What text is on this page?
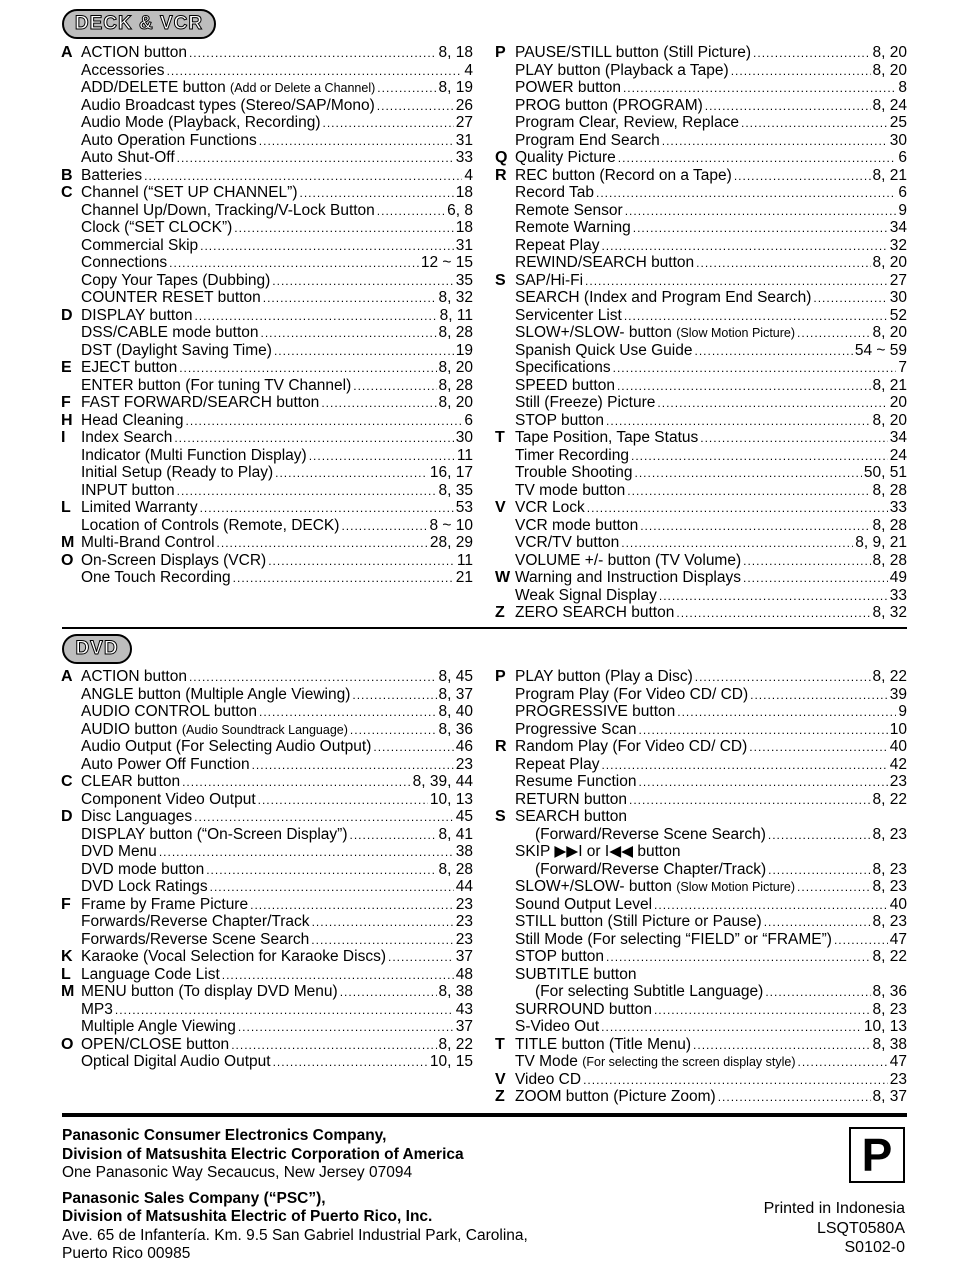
DECK & VCR
A ACTION button .....	8, 18
Accessories .....	4
ADD/DELETE button (Add or Delete a Channel) .....	8, 19
Audio Broadcast types (Stereo/SAP/Mono) .....	26
Audio Mode (Playback, Recording) .....	27
Auto Operation Functions .....	31
Auto Shut-Off .....	33
B Batteries .....	4
C Channel (“SET UP CHANNEL”) .....	18
Channel Up/Down, Tracking/V-Lock Button .....	6, 8
Clock (“SET CLOCK”) .....	18
Commercial Skip .....	31
Connections .....	12 ~ 15
Copy Your Tapes (Dubbing) .....	35
COUNTER RESET button .....	8, 32
D DISPLAY button .....	8, 11
DSS/CABLE mode button .....	8, 28
DST (Daylight Saving Time) .....	19
E EJECT button .....	8, 20
ENTER button (For tuning TV Channel) .....	8, 28
F FAST FORWARD/SEARCH button .....	8, 20
H Head Cleaning .....	6
I	Index Search .....	30
Indicator (Multi Function Display) .....	11
Initial Setup (Ready to Play) .....	16, 17
INPUT button .....	8, 35
L Limited Warranty .....	53
Location of Controls (Remote, DECK) .....	8 ~ 10
M Multi-Brand Control .....	28, 29
O On-Screen Displays (VCR) .....	11
One Touch Recording .....	21
P PAUSE/STILL button (Still Picture) .....	8, 20
PLAY button (Playback a Tape) .....	8, 20
POWER button .....	8
PROG button (PROGRAM) .....	8, 24
Program Clear, Review, Replace .....	25
Program End Search .....	30
Q Quality Picture .....	6
R REC button (Record on a Tape) .....	8, 21
Record Tab .....	6
Remote Sensor .....	9
Remote Warning .....	34
Repeat Play .....	32
REWIND/SEARCH button .....	8, 20
S SAP/Hi-Fi .....	27
SEARCH (Index and Program End Search) .....	30
Servicenter List .....	52
SLOW+/SLOW- button (Slow Motion Picture) .....	8, 20
Spanish Quick Use Guide .....	54 ~ 59
Specifications .....	7
SPEED button .....	8, 21
Still (Freeze) Picture .....	20
STOP button .....	8, 20
T Tape Position, Tape Status .....	34
Timer Recording .....	24
Trouble Shooting .....	50, 51
TV mode button .....	8, 28
V VCR Lock .....	33
VCR mode button .....	8, 28
VCR/TV button .....	8, 9, 21
VOLUME +/- button (TV Volume) .....	8, 28
W Warning and Instruction Displays .....	49
Weak Signal Display .....	33
Z ZERO SEARCH button .....	8, 32
DVD
A ACTION button .....	8, 45
ANGLE button (Multiple Angle Viewing) .....	8, 37
AUDIO CONTROL button .....	8, 40
AUDIO button (Audio Soundtrack Language) .....	8, 36
Audio Output (For Selecting Audio Output) .....	46
Auto Power Off Function .....	23
C CLEAR button .....	8, 39, 44
Component Video Output .....	10, 13
D Disc Languages .....	45
DISPLAY button (“On-Screen Display”) .....	8, 41
DVD Menu .....	38
DVD mode button .....	8, 28
DVD Lock Ratings .....	44
F Frame by Frame Picture .....	23
Forwards/Reverse Chapter/Track .....	23
Forwards/Reverse Scene Search .....	23
K Karaoke (Vocal Selection for Karaoke Discs) .....	37
L Language Code List .....	48
M MENU button (To display DVD Menu) .....	8, 38
MP3 .....	43
Multiple Angle Viewing .....	37
O OPEN/CLOSE button .....	8, 22
Optical Digital Audio Output .....	10, 15
P PLAY button (Play a Disc) .....	8, 22
Program Play (For Video CD/ CD) .....	39
PROGRESSIVE button .....	9
Progressive Scan .....	10
R Random Play (For Video CD/ CD) .....	40
Repeat Play .....	42
Resume Function .....	23
RETURN button .....	8, 22
S SEARCH button
(Forward/Reverse Scene Search) .....	8, 23
SKIP ▶▶I or I◀◀ button
(Forward/Reverse Chapter/Track) .....	8, 23
SLOW+/SLOW- button (Slow Motion Picture) .....	8, 23
Sound Output Level .....	40
STILL button (Still Picture or Pause) .....	8, 23
Still Mode (For selecting “FIELD” or “FRAME”) .....	47
STOP button .....	8, 22
SUBTITLE button
(For selecting Subtitle Language) .....	8, 36
SURROUND button .....	8, 23
S-Video Out .....	10, 13
T TITLE button (Title Menu) .....	8, 38
TV Mode (For selecting the screen display style) .....	47
V Video CD .....	23
Z ZOOM button (Picture Zoom) .....	8, 37
Panasonic Consumer Electronics Company,
Division of Matsushita Electric Corporation of America
One Panasonic Way Secaucus, New Jersey 07094
Panasonic Sales Company (“PSC”),
Division of Matsushita Electric of Puerto Rico, Inc.
Ave. 65 de Infantería. Km. 9.5 San Gabriel Industrial Park, Carolina,
Puerto Rico 00985
P
Printed in Indonesia
LSQT0580A
S0102-0
